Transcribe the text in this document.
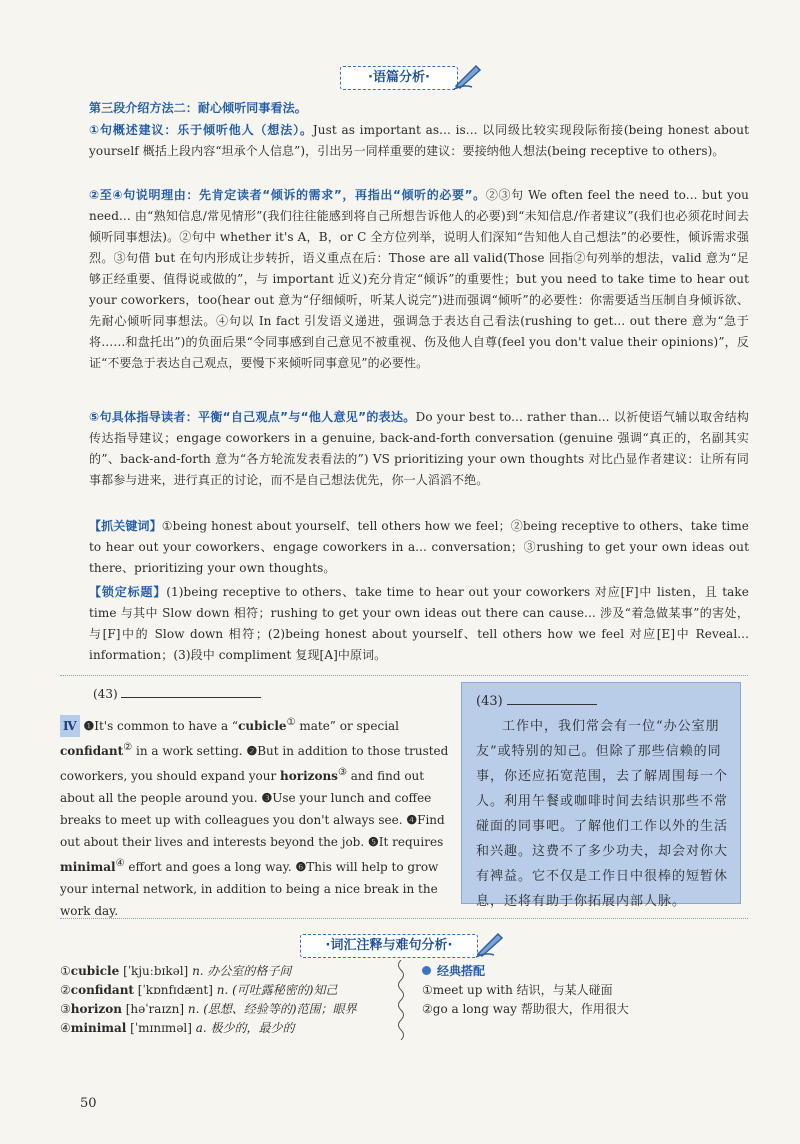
·语篇分析·

第三段介绍方法二：耐心倾听同事看法。

①句概述建议：乐于倾听他人（想法）。Just as important as... is... 以同级比较实现段际衔接(being honest about yourself 概括上段内容“坦承个人信息”)，引出另一同样重要的建议：要接纳他人想法(being receptive to others)。

②至④句说明理由：先肯定读者“倾诉的需求”，再指出“倾听的必要”。②③句 We often feel the need to... but you need... 由“熟知信息/常见情形”(我们往往能感到将自己所想告诉他人的必要)到“未知信息/作者建议”(我们也必须花时间去倾听同事想法)。②句中 whether it's A，B，or C 全方位列举，说明人们深知“告知他人自己想法”的必要性，倾诉需求强烈。③句借 but 在句内形成让步转折，语义重点在后：Those are all valid(Those 回指②句列举的想法，valid 意为“足够正经重要、值得说或做的”，与 important 近义)充分肯定“倾诉”的重要性；but you need to take time to hear out your coworkers，too(hear out 意为“仔细倾听，听某人说完”)进而强调“倾听”的必要性：你需要适当压制自身倾诉欲、先耐心倾听同事想法。④句以 In fact 引发语义递进，强调急于表达自己看法(rushing to get... out there 意为“急于将……和盘托出”)的负面后果“令同事感到自己意见不被重视、伤及他人自尊(feel you don't value their opinions)”，反证“不要急于表达自己观点，要慢下来倾听同事意见”的必要性。

⑤句具体指导读者：平衡“自己观点”与“他人意见”的表达。Do your best to... rather than... 以祈使语气辅以取舍结构传达指导建议；engage coworkers in a genuine, back-and-forth conversation (genuine 强调“真正的，名副其实的”、back-and-forth 意为“各方轮流发表看法的”) VS prioritizing your own thoughts 对比凸显作者建议：让所有同事都参与进来，进行真正的讨论，而不是自己想法优先，你一人滔滔不绝。

【抓关键词】①being honest about yourself、tell others how we feel；②being receptive to others、take time to hear out your coworkers、engage coworkers in a... conversation；③rushing to get your own ideas out there、prioritizing your own thoughts。

【锁定标题】(1)being receptive to others、take time to hear out your coworkers 对应[F]中 listen，且 take time 与其中 Slow down 相符；rushing to get your own ideas out there can cause... 涉及“着急做某事”的害处，与[F]中的 Slow down 相符；(2)being honest about yourself、tell others how we feel 对应[E]中 Reveal... information；(3)段中 compliment 复现[A]中原词。

(43)

Ⅳ ❶It's common to have a “cubicle① mate” or special confidant② in a work setting. ❷But in addition to those trusted coworkers, you should expand your horizons③ and find out about all the people around you. ❸Use your lunch and coffee breaks to meet up with colleagues you don't always see. ❹Find out about their lives and interests beyond the job. ❺It requires minimal④ effort and goes a long way. ❻This will help to grow your internal network, in addition to being a nice break in the work day.

(43)

工作中，我们常会有一位“办公室朋友”或特别的知己。但除了那些信赖的同事，你还应拓宽范围，去了解周围每一个人。利用午餐或咖啡时间去结识那些不常碰面的同事吧。了解他们工作以外的生活和兴趣。这费不了多少功夫，却会对你大有裨益。它不仅是工作日中很棒的短暂休息，还将有助于你拓展内部人脉。

·词汇注释与难句分析·
①cubicle [ˈkjuːbɪkəl] n. 办公室的格子间
②confidant [ˈkɒnfɪdænt] n. (可吐露秘密的)知己
③horizon [həˈraɪzn] n. (思想、经验等的)范围；眼界
④minimal [ˈmɪnɪməl] a. 极少的，最少的
经典搭配
①meet up with 结识，与某人碰面
②go a long way 帮助很大，作用很大
50
